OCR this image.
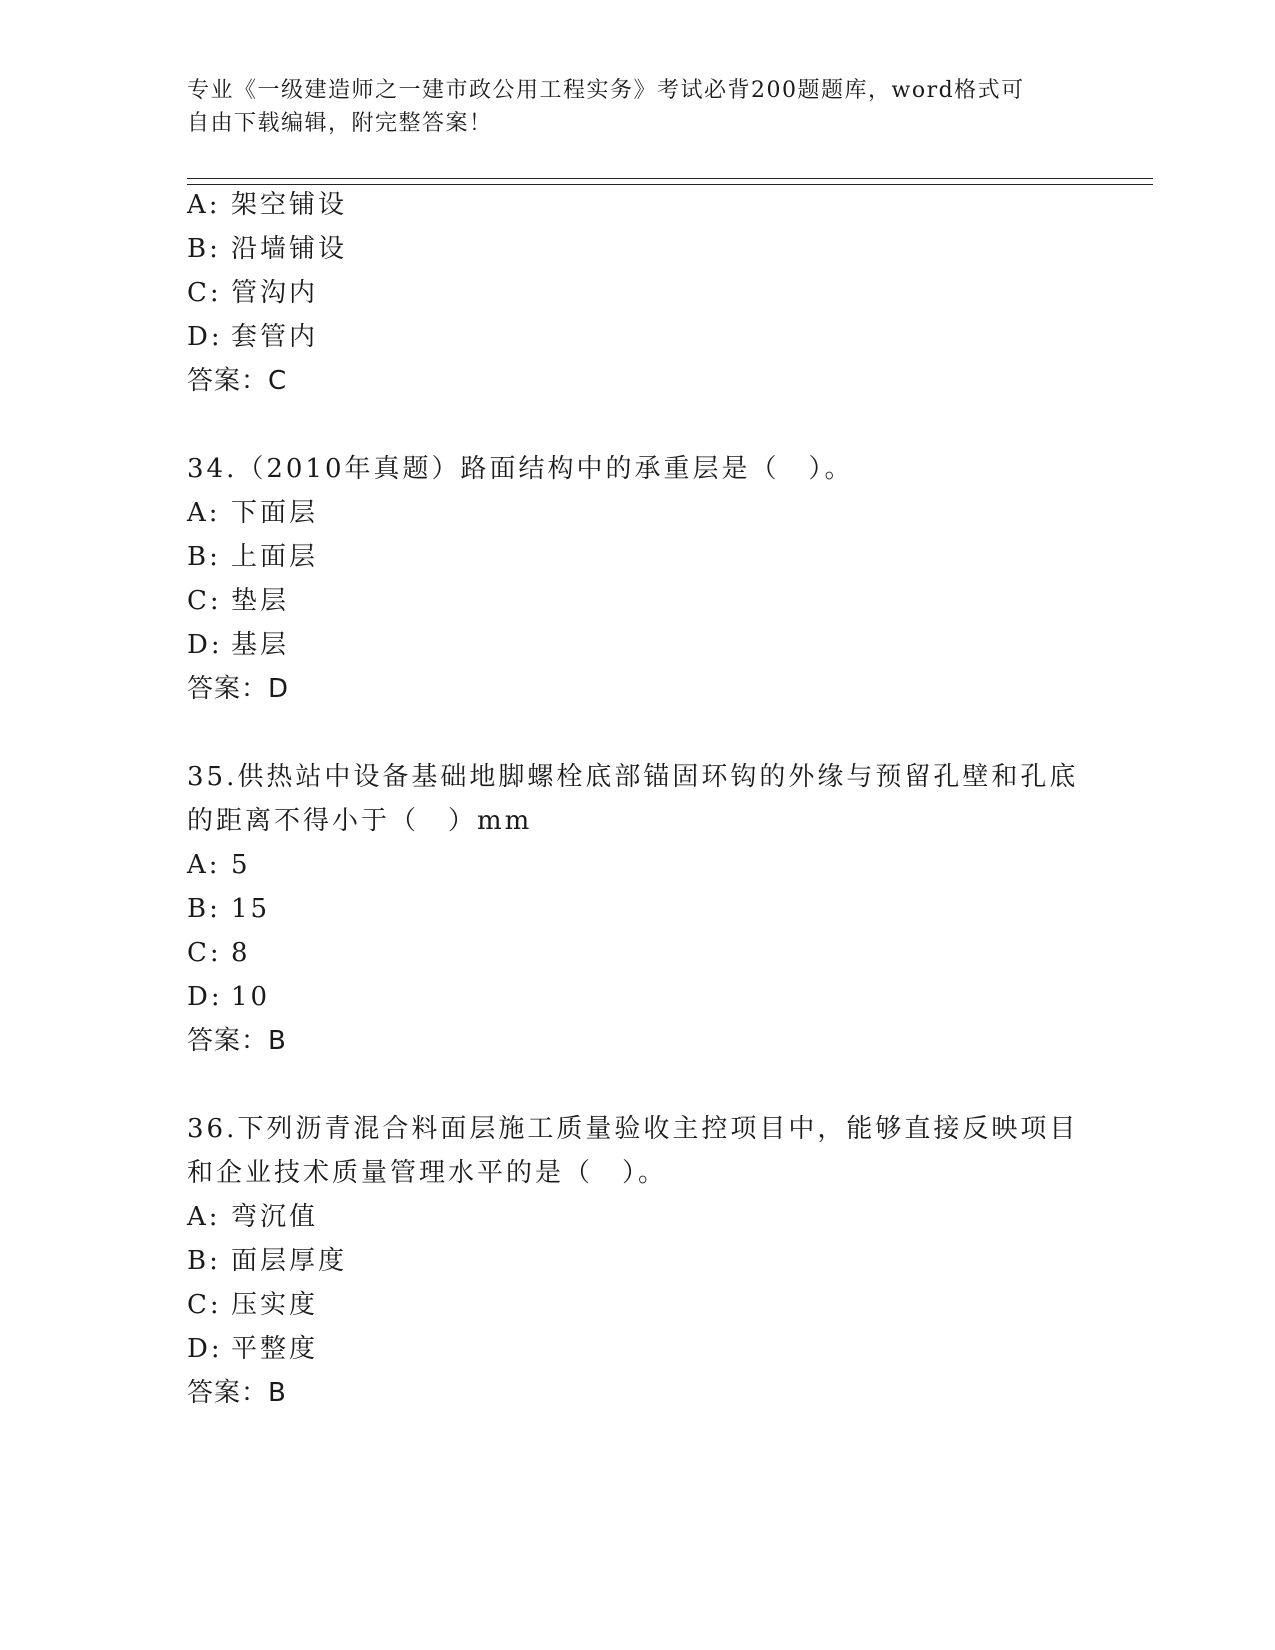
专业《一级建造师之一建市政公用工程实务》考试必背200题题库，word格式可
自由下载编辑，附完整答案！
A: 架空铺设
B: 沿墙铺设
C: 管沟内
D: 套管内
答案：C
34.（2010年真题）路面结构中的承重层是（　）。
A: 下面层
B: 上面层
C: 垫层
D: 基层
答案：D
35.供热站中设备基础地脚螺栓底部锚固环钩的外缘与预留孔壁和孔底
的距离不得小于（　）mm
A: 5
B: 15
C: 8
D: 10
答案：B
36.下列沥青混合料面层施工质量验收主控项目中，能够直接反映项目
和企业技术质量管理水平的是（　）。
A: 弯沉值
B: 面层厚度
C: 压实度
D: 平整度
答案：B
